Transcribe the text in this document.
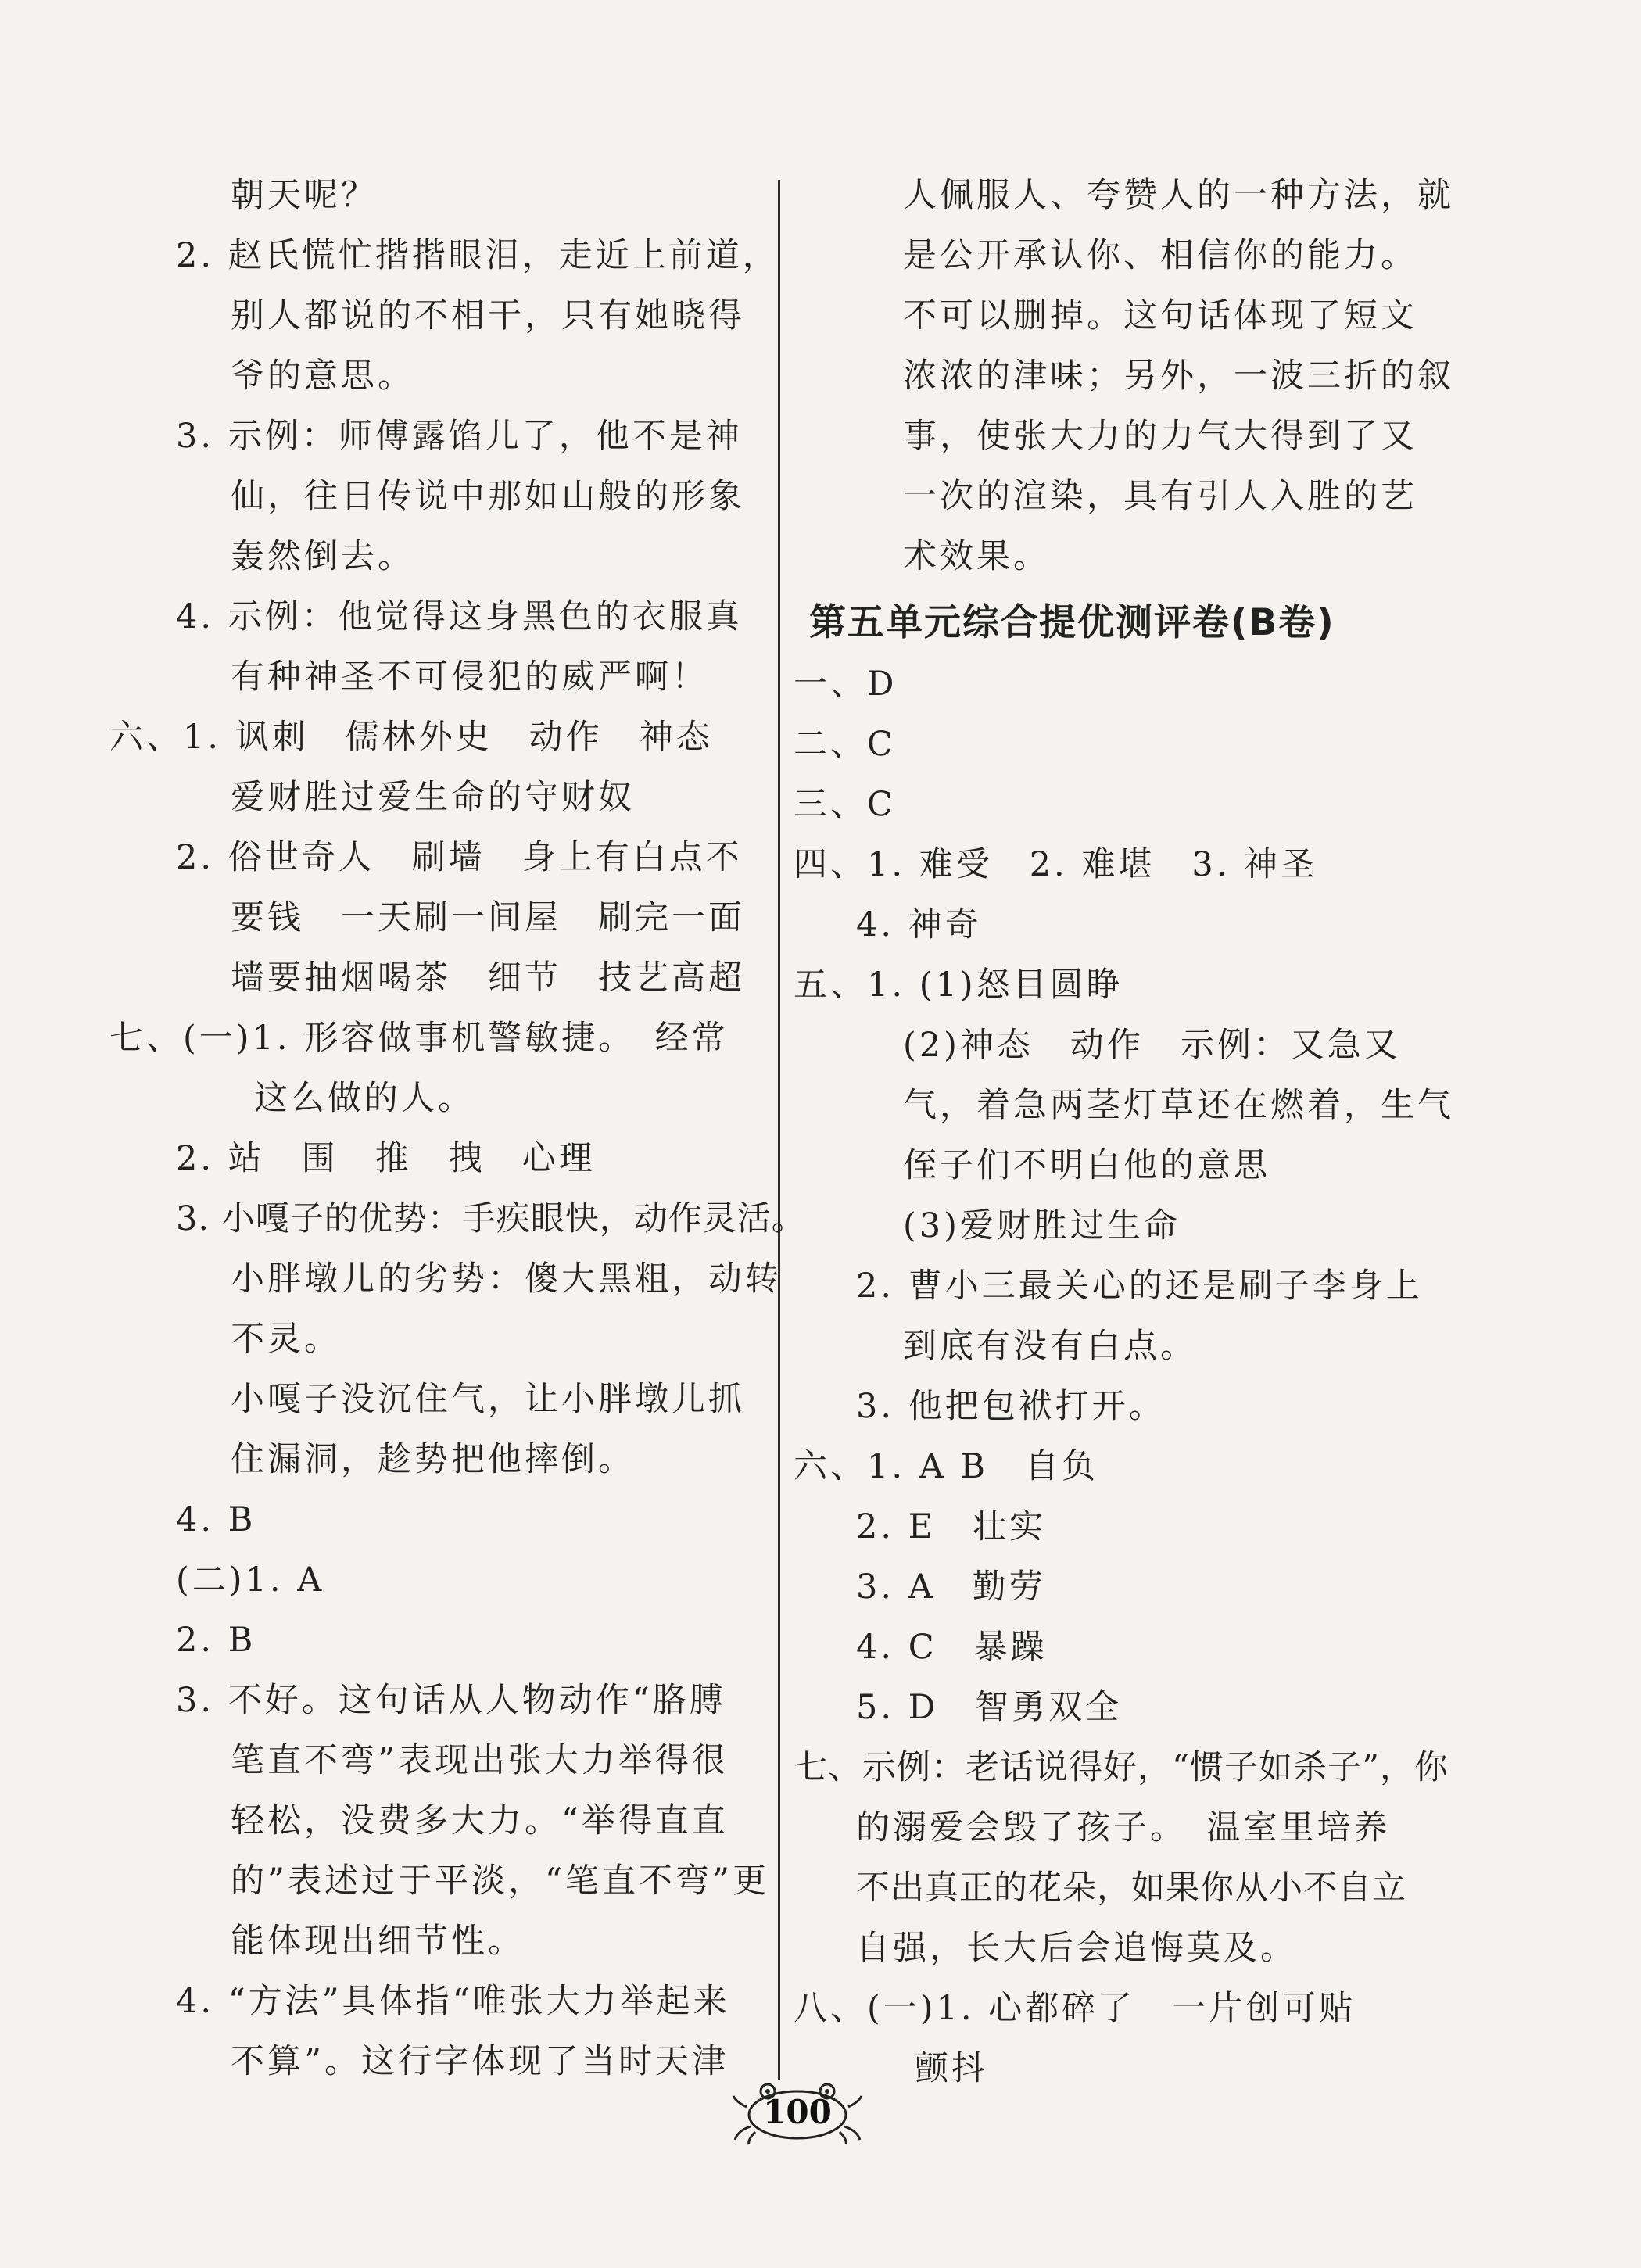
朝天呢？
2. 赵氏慌忙揩揩眼泪，走近上前道，
别人都说的不相干，只有她晓得
爷的意思。
3. 示例：师傅露馅儿了，他不是神
仙，往日传说中那如山般的形象
轰然倒去。
4. 示例：他觉得这身黑色的衣服真
有种神圣不可侵犯的威严啊！
六、1. 讽刺　儒林外史　动作　神态
爱财胜过爱生命的守财奴
2. 俗世奇人　刷墙　身上有白点不
要钱　一天刷一间屋　刷完一面
墙要抽烟喝茶　细节　技艺高超
七、(一)1. 形容做事机警敏捷。　经常
这么做的人。
2. 站　围　推　拽　心理
3. 小嘎子的优势：手疾眼快，动作灵活。
小胖墩儿的劣势：傻大黑粗，动转
不灵。
小嘎子没沉住气，让小胖墩儿抓
住漏洞，趁势把他摔倒。
4. B
(二)1. A
2. B
3. 不好。这句话从人物动作“胳膊
笔直不弯”表现出张大力举得很
轻松，没费多大力。“举得直直
的”表述过于平淡，“笔直不弯”更
能体现出细节性。
4. “方法”具体指“唯张大力举起来
不算”。这行字体现了当时天津
人佩服人、夸赞人的一种方法，就
是公开承认你、相信你的能力。
不可以删掉。这句话体现了短文
浓浓的津味；另外，一波三折的叙
事，使张大力的力气大得到了又
一次的渲染，具有引人入胜的艺
术效果。
第五单元综合提优测评卷(B卷)
一、D
二、C
三、C
四、1. 难受　2. 难堪　3. 神圣
4. 神奇
五、1. (1)怒目圆睁
(2)神态　动作　示例：又急又
气，着急两茎灯草还在燃着，生气
侄子们不明白他的意思
(3)爱财胜过生命
2. 曹小三最关心的还是刷子李身上
到底有没有白点。
3. 他把包袱打开。
六、1. A B　自负
2. E　壮实
3. A　勤劳
4. C　暴躁
5. D　智勇双全
七、示例：老话说得好，“惯子如杀子”，你
的溺爱会毁了孩子。　温室里培养
不出真正的花朵，如果你从小不自立
自强，长大后会追悔莫及。
八、(一)1. 心都碎了　一片创可贴
颤抖
100
